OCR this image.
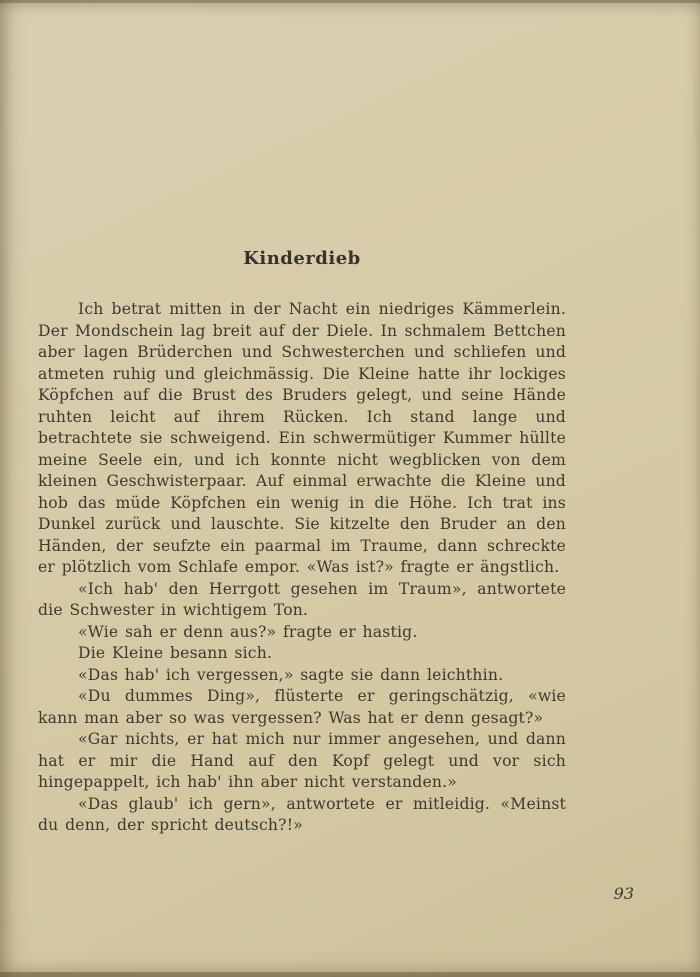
Kinderdieb

Ich betrat mitten in der Nacht ein niedriges Kämmerlein. Der Mondschein lag breit auf der Diele. In schmalem Bettchen aber lagen Brüderchen und Schwesterchen und schliefen und atmeten ruhig und gleichmässig. Die Kleine hatte ihr lockiges Köpfchen auf die Brust des Bruders gelegt, und seine Hände ruhten leicht auf ihrem Rücken. Ich stand lange und betrachtete sie schweigend. Ein schwermütiger Kummer hüllte meine Seele ein, und ich konnte nicht wegblicken von dem kleinen Geschwisterpaar. Auf einmal erwachte die Kleine und hob das müde Köpfchen ein wenig in die Höhe. Ich trat ins Dunkel zurück und lauschte. Sie kitzelte den Bruder an den Händen, der seufzte ein paarmal im Traume, dann schreckte er plötzlich vom Schlafe empor. «Was ist?» fragte er ängstlich.

«Ich hab' den Herrgott gesehen im Traum», antwortete die Schwester in wichtigem Ton.

«Wie sah er denn aus?» fragte er hastig.

Die Kleine besann sich.

«Das hab' ich vergessen,» sagte sie dann leichthin.

«Du dummes Ding», flüsterte er geringschätzig, «wie kann man aber so was vergessen? Was hat er denn gesagt?»

«Gar nichts, er hat mich nur immer angesehen, und dann hat er mir die Hand auf den Kopf gelegt und vor sich hingepappelt, ich hab' ihn aber nicht verstanden.»

«Das glaub' ich gern», antwortete er mitleidig. «Meinst du denn, der spricht deutsch?!»

93
